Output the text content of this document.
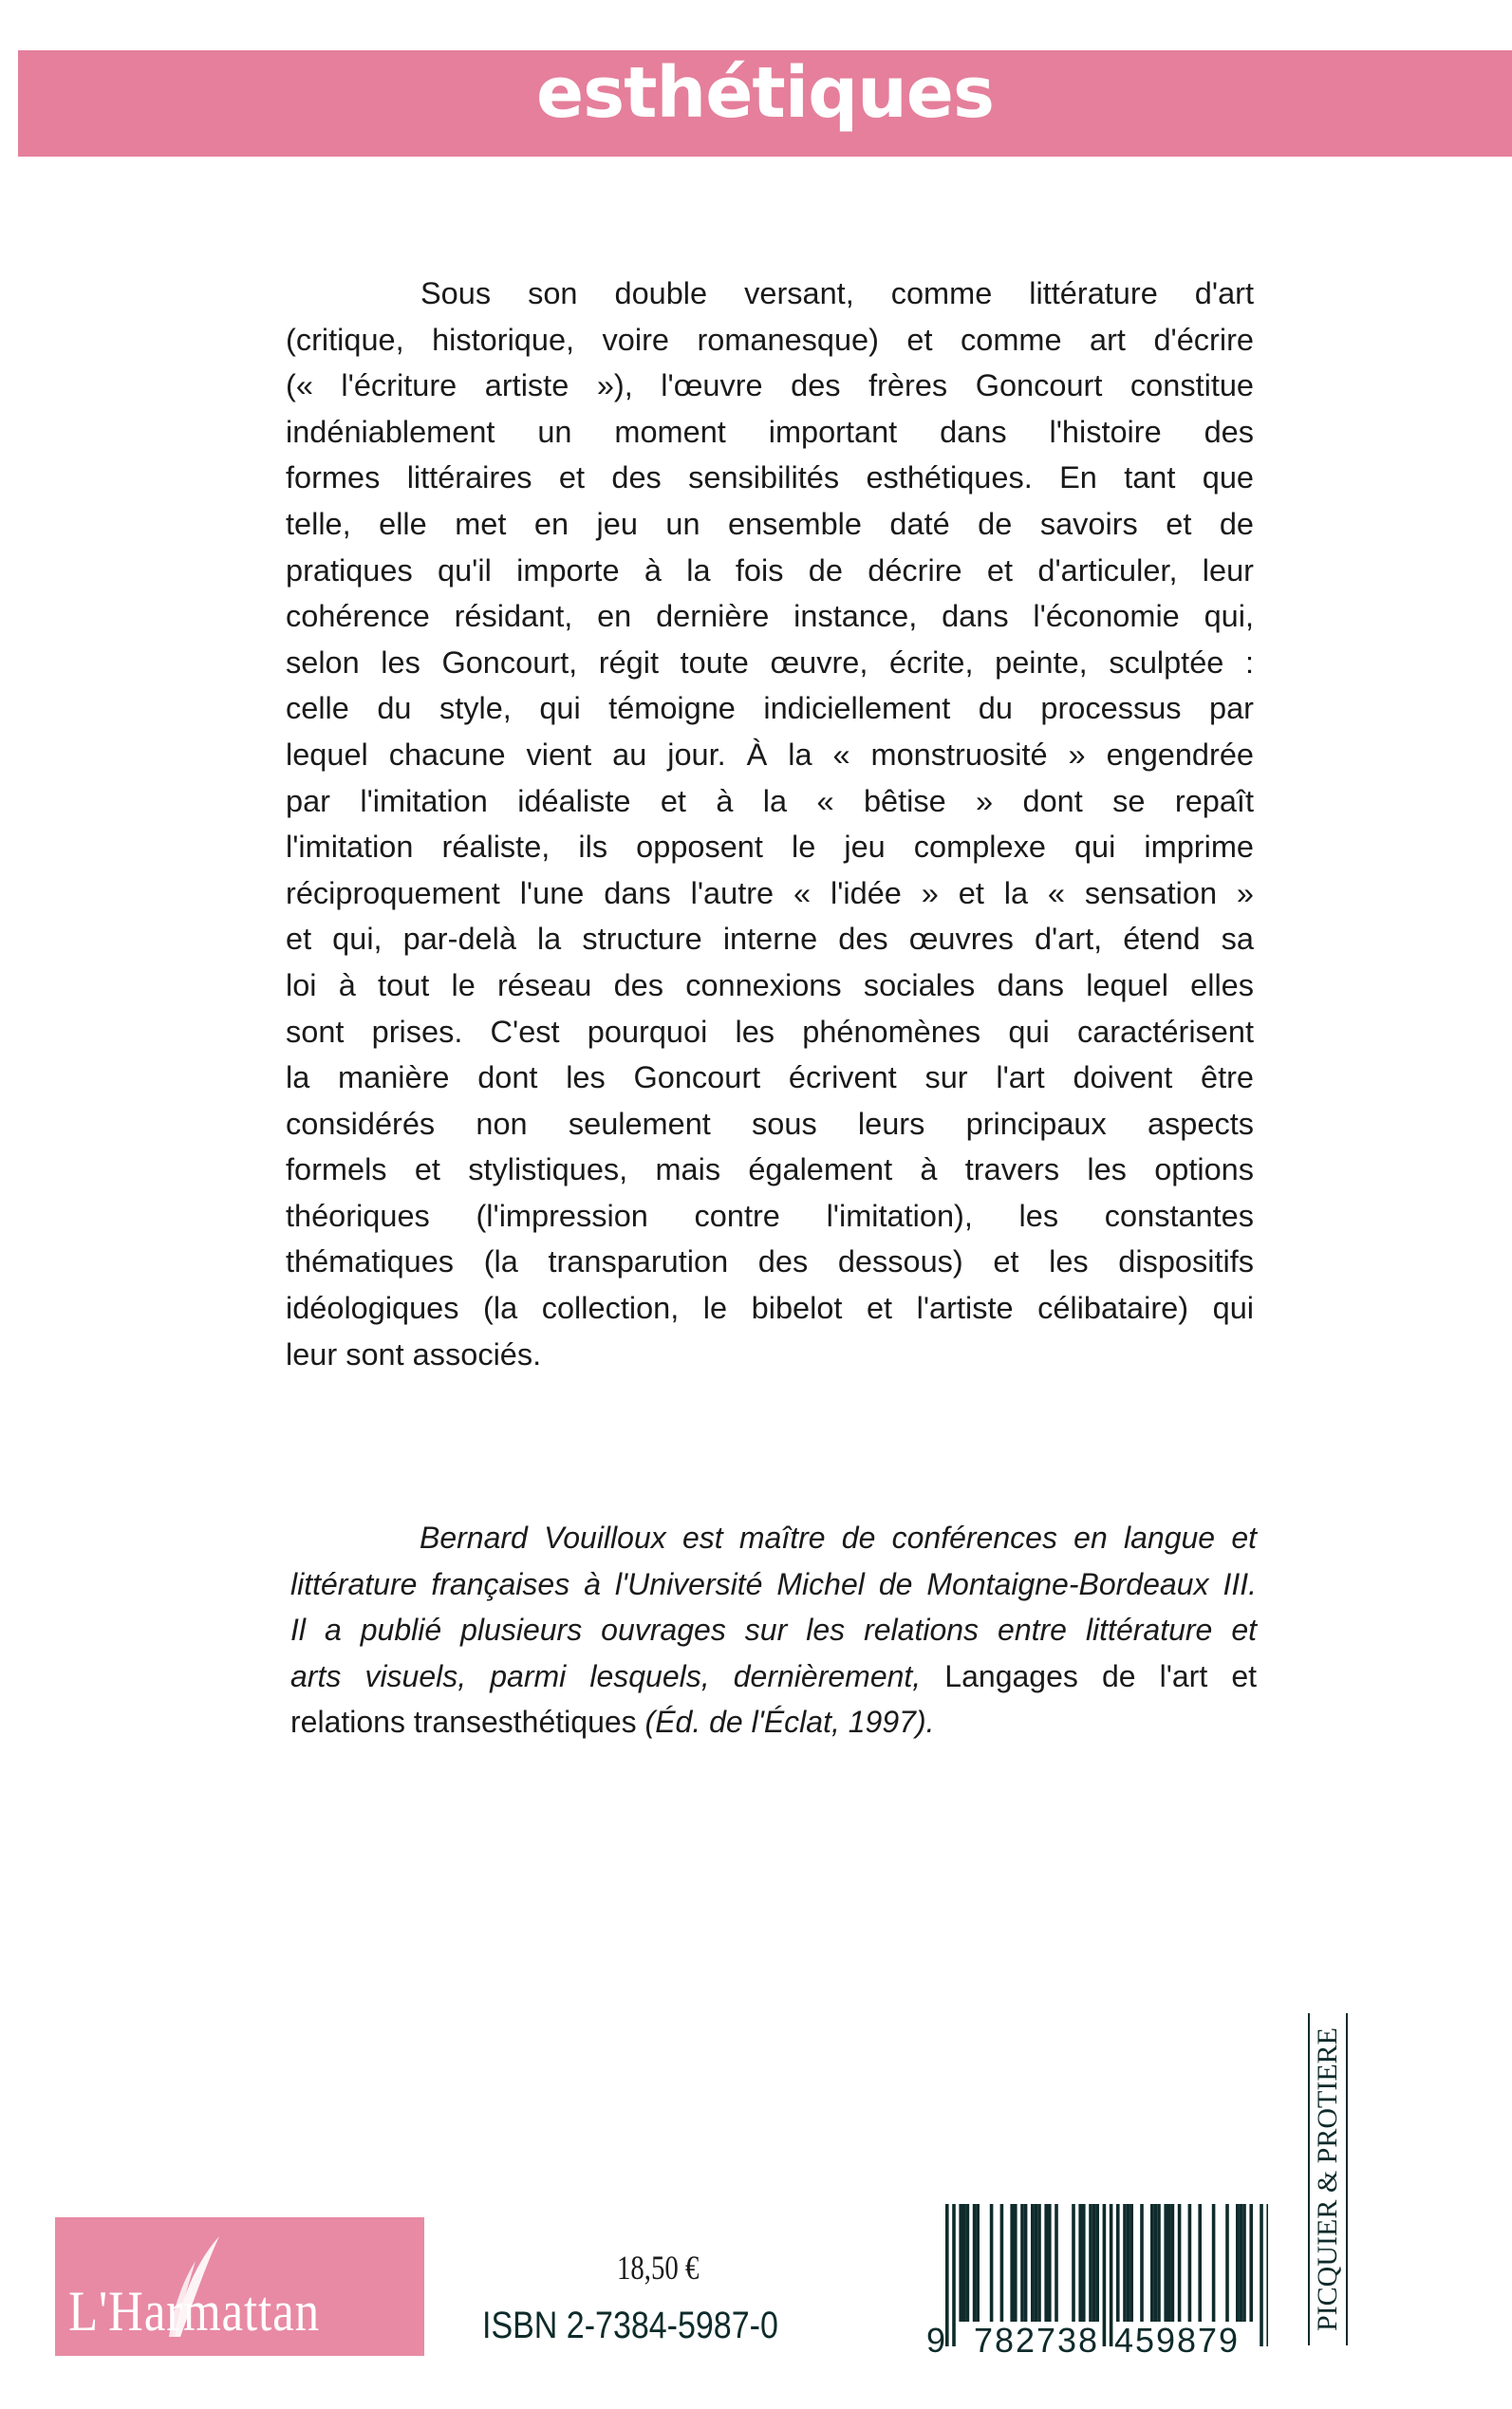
esthétiques
Sous son double versant, comme littérature d'art
(critique, historique, voire romanesque) et comme art d'écrire
(« l'écriture artiste »), l'œuvre des frères Goncourt constitue
indéniablement un moment important dans l'histoire des
formes littéraires et des sensibilités esthétiques. En tant que
telle, elle met en jeu un ensemble daté de savoirs et de
pratiques qu'il importe à la fois de décrire et d'articuler, leur
cohérence résidant, en dernière instance, dans l'économie qui,
selon les Goncourt, régit toute œuvre, écrite, peinte, sculptée :
celle du style, qui témoigne indiciellement du processus par
lequel chacune vient au jour. À la « monstruosité » engendrée
par l'imitation idéaliste et à la « bêtise » dont se repaît
l'imitation réaliste, ils opposent le jeu complexe qui imprime
réciproquement l'une dans l'autre « l'idée » et la « sensation »
et qui, par-delà la structure interne des œuvres d'art, étend sa
loi à tout le réseau des connexions sociales dans lequel elles
sont prises. C'est pourquoi les phénomènes qui caractérisent
la manière dont les Goncourt écrivent sur l'art doivent être
considérés non seulement sous leurs principaux aspects
formels et stylistiques, mais également à travers les options
théoriques (l'impression contre l'imitation), les constantes
thématiques (la transparution des dessous) et les dispositifs
idéologiques (la collection, le bibelot et l'artiste célibataire) qui
leur sont associés.
Bernard Vouilloux est maître de conférences en langue et
littérature françaises à l'Université Michel de Montaigne-Bordeaux III.
Il a publié plusieurs ouvrages sur les relations entre littérature et
arts visuels, parmi lesquels, dernièrement, Langages de l'art et
relations transesthétiques (Éd. de l'Éclat, 1997).
L'Harmattan
18,50 €
ISBN 2-7384-5987-0	9 782738 459879
PICQUIER & PROTIERE
